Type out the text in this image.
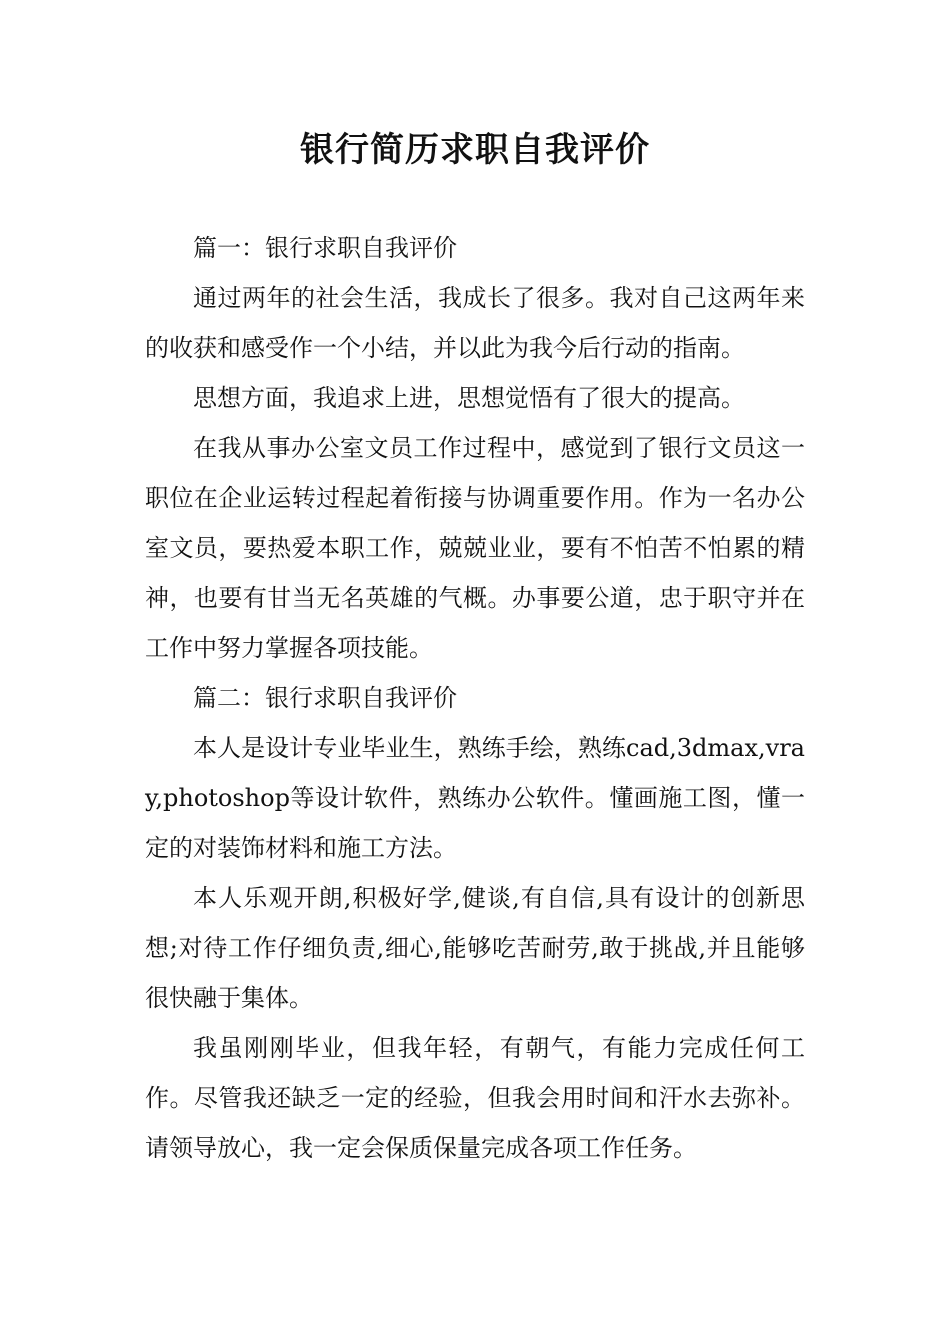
银行简历求职自我评价

篇一：银行求职自我评价

通过两年的社会生活，我成长了很多。我对自己这两年来的收获和感受作一个小结，并以此为我今后行动的指南。

思想方面，我追求上进，思想觉悟有了很大的提高。

在我从事办公室文员工作过程中，感觉到了银行文员这一职位在企业运转过程起着衔接与协调重要作用。作为一名办公室文员，要热爱本职工作，兢兢业业，要有不怕苦不怕累的精神，也要有甘当无名英雄的气概。办事要公道，忠于职守并在工作中努力掌握各项技能。

篇二：银行求职自我评价

本人是设计专业毕业生，熟练手绘，熟练cad,3dmax,vray,photoshop等设计软件，熟练办公软件。懂画施工图，懂一定的对装饰材料和施工方法。

本人乐观开朗,积极好学,健谈,有自信,具有设计的创新思想;对待工作仔细负责,细心,能够吃苦耐劳,敢于挑战,并且能够很快融于集体。

我虽刚刚毕业，但我年轻，有朝气，有能力完成任何工作。尽管我还缺乏一定的经验，但我会用时间和汗水去弥补。请领导放心，我一定会保质保量完成各项工作任务。
